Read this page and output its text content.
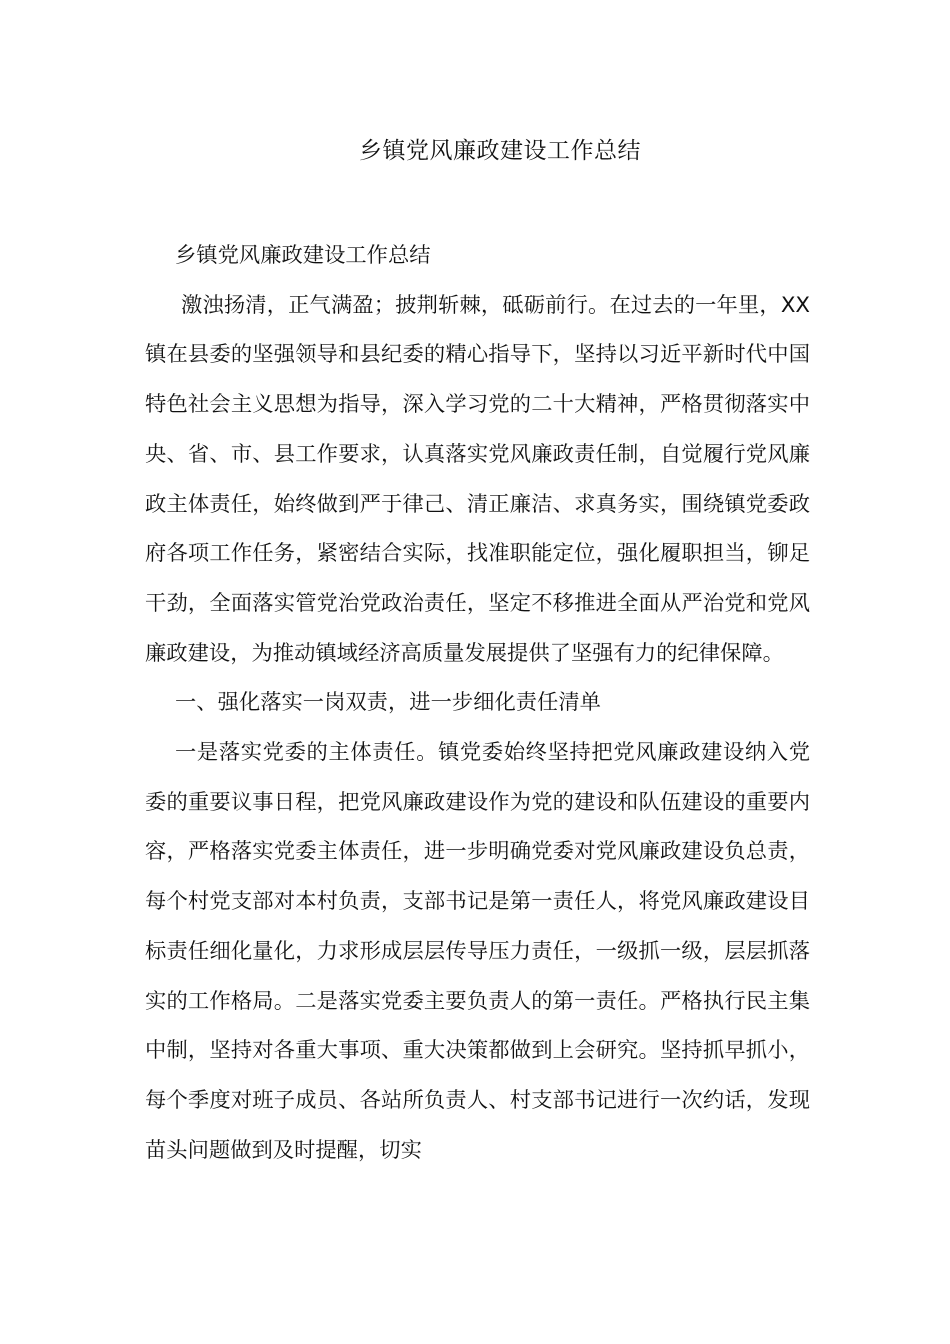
乡镇党风廉政建设工作总结

乡镇党风廉政建设工作总结

激浊扬清，正气满盈；披荆斩棘，砥砺前行。在过去的一年里，XX镇在县委的坚强领导和县纪委的精心指导下，坚持以习近平新时代中国特色社会主义思想为指导，深入学习党的二十大精神，严格贯彻落实中央、省、市、县工作要求，认真落实党风廉政责任制，自觉履行党风廉政主体责任，始终做到严于律己、清正廉洁、求真务实，围绕镇党委政府各项工作任务，紧密结合实际，找准职能定位，强化履职担当，铆足干劲，全面落实管党治党政治责任，坚定不移推进全面从严治党和党风廉政建设，为推动镇域经济高质量发展提供了坚强有力的纪律保障。

一、强化落实一岗双责，进一步细化责任清单

一是落实党委的主体责任。镇党委始终坚持把党风廉政建设纳入党委的重要议事日程，把党风廉政建设作为党的建设和队伍建设的重要内容，严格落实党委主体责任，进一步明确党委对党风廉政建设负总责，每个村党支部对本村负责，支部书记是第一责任人，将党风廉政建设目标责任细化量化，力求形成层层传导压力责任，一级抓一级，层层抓落实的工作格局。二是落实党委主要负责人的第一责任。严格执行民主集中制，坚持对各重大事项、重大决策都做到上会研究。坚持抓早抓小，每个季度对班子成员、各站所负责人、村支部书记进行一次约话，发现苗头问题做到及时提醒，切实
